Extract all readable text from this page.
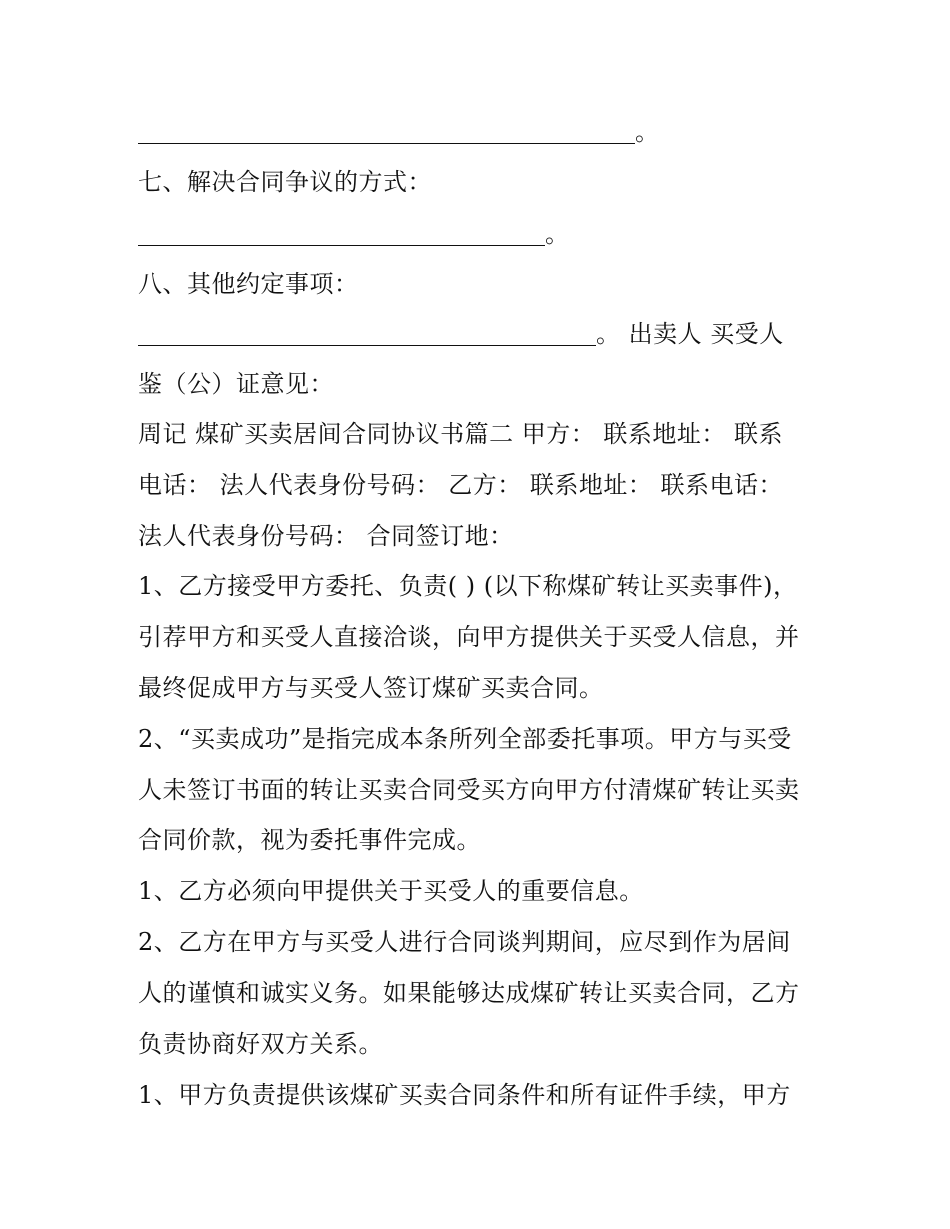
。
七、解决合同争议的方式：
。
八、其他约定事项：
。 出卖人 买受人
鉴（公）证意见：
周记 煤矿买卖居间合同协议书篇二 甲方： 联系地址： 联系
电话： 法人代表身份号码： 乙方： 联系地址： 联系电话：
法人代表身份号码： 合同签订地：
1、乙方接受甲方委托、负责( ) (以下称煤矿转让买卖事件)，
引荐甲方和买受人直接洽谈，向甲方提供关于买受人信息，并
最终促成甲方与买受人签订煤矿买卖合同。
2、“买卖成功”是指完成本条所列全部委托事项。甲方与买受
人未签订书面的转让买卖合同受买方向甲方付清煤矿转让买卖
合同价款，视为委托事件完成。
1、乙方必须向甲提供关于买受人的重要信息。
2、乙方在甲方与买受人进行合同谈判期间，应尽到作为居间
人的谨慎和诚实义务。如果能够达成煤矿转让买卖合同，乙方
负责协商好双方关系。
1、甲方负责提供该煤矿买卖合同条件和所有证件手续，甲方
